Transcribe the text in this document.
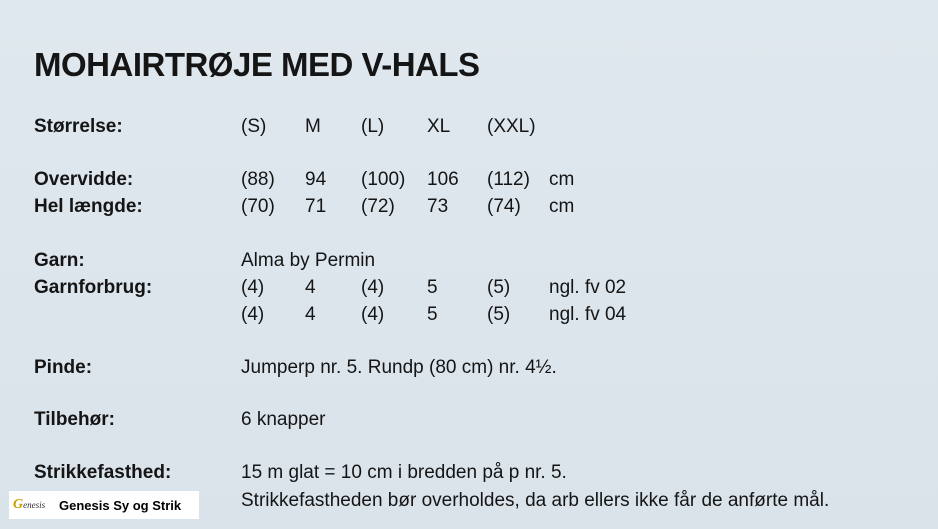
MOHAIRTRØJE MED V-HALS
Størrelse:	(S) M (L) XL (XXL)
Overvidde:	(88) 94 (100) 106 (112) cm
Hel længde:	(70) 71 (72) 73 (74) cm
Garn:	Alma by Permin
Garnforbrug:	(4) 4 (4) 5	(5) ngl. fv 02
(4) 4 (4) 5	(5) ngl. fv 04
Pinde:	Jumperp nr. 5. Rundp (80 cm) nr. 4½.
Tilbehør:	6 knapper
Strikkefasthed:	15 m glat = 10 cm i bredden på p nr. 5.
Strikkefastheden bør overholdes, da arb ellers ikke får de anførte mål.
Genesis	Genesis Sy og Strik
